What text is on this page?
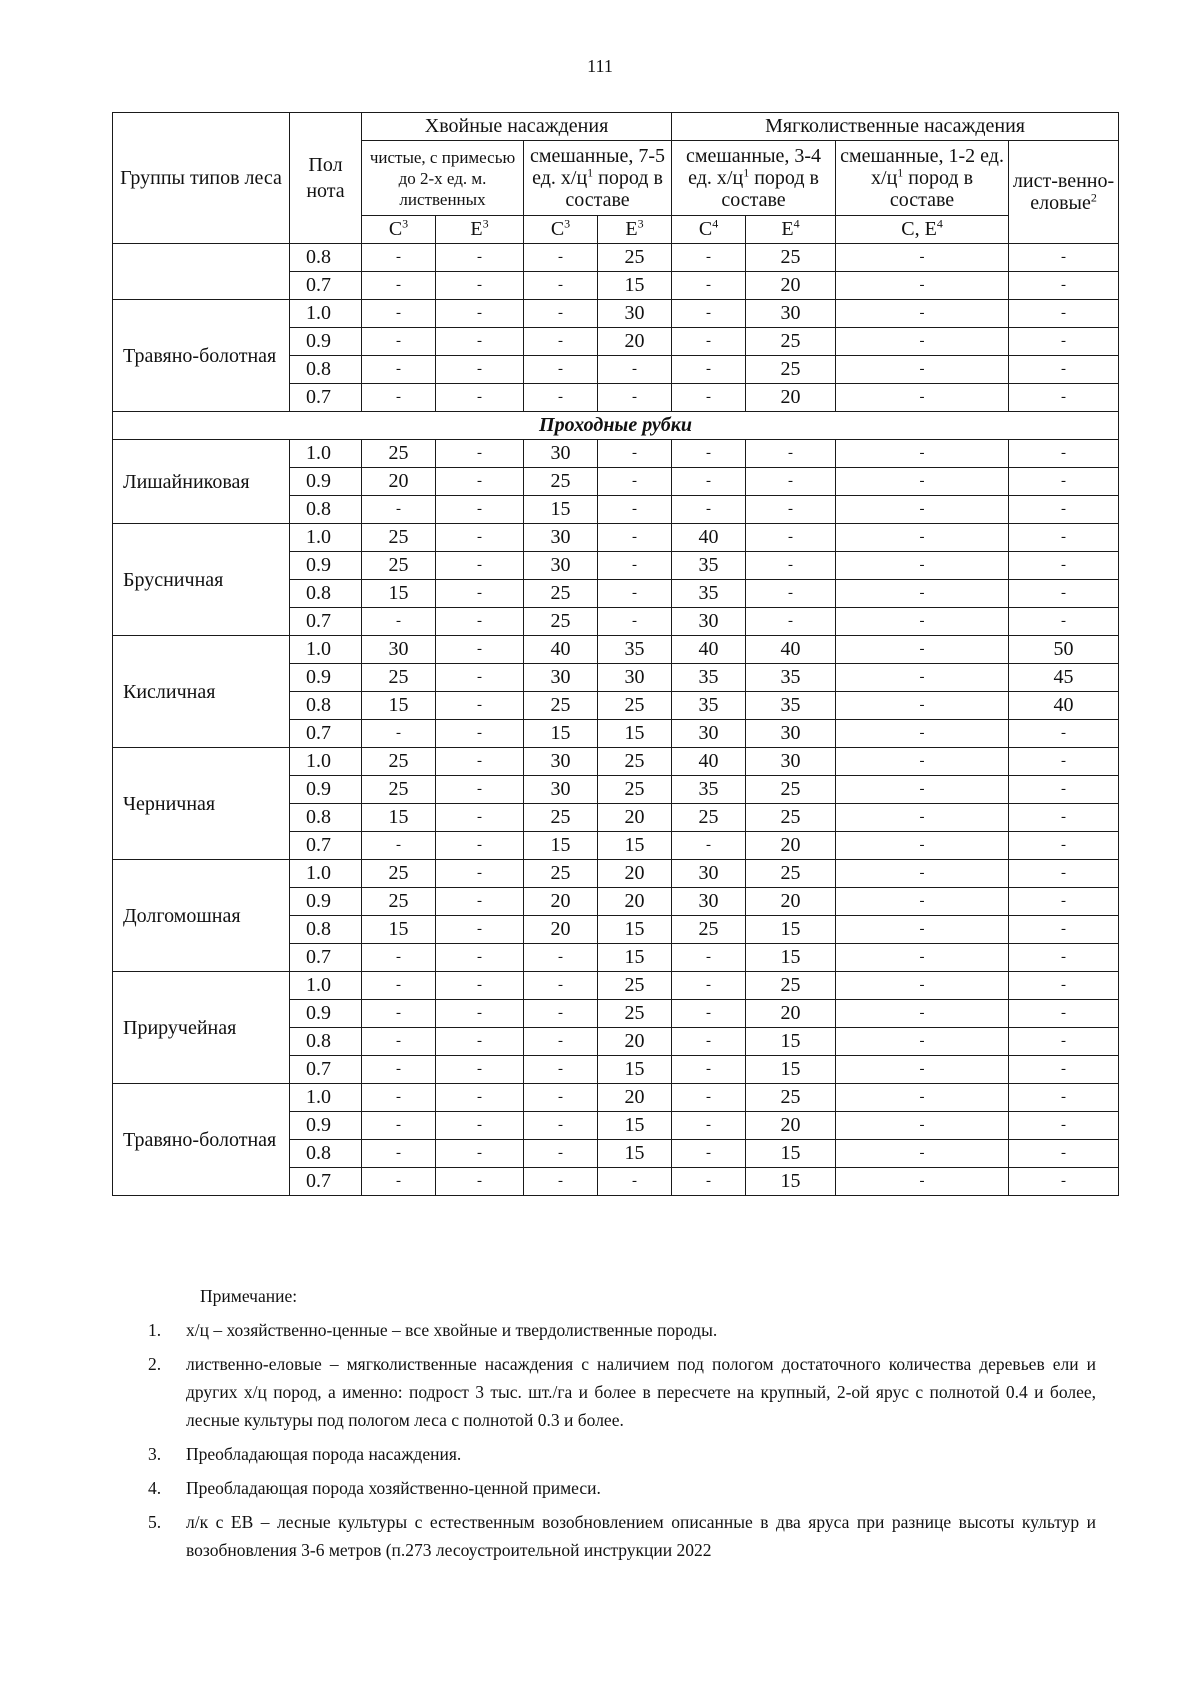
111
Группы типов леса	Пол нота	Хвойные насаждения				Мягколиственные насаждения			
		чистые, с примесью до 2-х ед. м. лиственных		смешанные, 7-5 ед. $х/ц^1$ пород в составе		смешанные, 3-4 ед. $х/ц^1$ пород в составе		смешанные, 1-2 ед. $х/ц^1$ пород в составе	лист-венно-еловые$^2$
		$С^3$	$Е^3$	$С^3$	$Е^3$	$С^4$	$Е^4$	С, $Е^4$
	0.8	-	-	-	25	-	25	-	-
	0.7	-	-	-	15	-	20	-	-
Травяно-болотная	1.0	-	-	-	30	-	30	-	-
	0.9	-	-	-	20	-	25	-	-
	0.8	-	-	-	-	-	25	-	-
	0.7	-	-	-	-	-	20	-	-
Проходные рубки									
Лишайниковая	1.0	25	-	30	-	-	-	-	-
	0.9	20	-	25	-	-	-	-	-
	0.8	-	-	15	-	-	-	-	-
Брусничная	1.0	25	-	30	-	40	-	-	-
	0.9	25	-	30	-	35	-	-	-
	0.8	15	-	25	-	35	-	-	-
	0.7	-	-	25	-	30	-	-	-
Кисличная	1.0	30	-	40	35	40	40	-	50
	0.9	25	-	30	30	35	35	-	45
	0.8	15	-	25	25	35	35	-	40
	0.7	-	-	15	15	30	30	-	-
Черничная	1.0	25	-	30	25	40	30	-	-
	0.9	25	-	30	25	35	25	-	-
	0.8	15	-	25	20	25	25	-	-
	0.7	-	-	15	15	-	20	-	-
Долгомошная	1.0	25	-	25	20	30	25	-	-
	0.9	25	-	20	20	30	20	-	-
	0.8	15	-	20	15	25	15	-	-
	0.7	-	-	-	15	-	15	-	-
Приручейная	1.0	-	-	-	25	-	25	-	-
	0.9	-	-	-	25	-	20	-	-
	0.8	-	-	-	20	-	15	-	-
	0.7	-	-	-	15	-	15	-	-
Травяно-болотная	1.0	-	-	-	20	-	25	-	-
	0.9	-	-	-	15	-	20	-	-
	0.8	-	-	-	15	-	15	-	-
	0.7	-	-	-	-	-	15	-	-
Примечание:
1.	х/ц – хозяйственно-ценные – все хвойные и твердолиственные породы.
2.	лиственно-еловые – мягколиственные насаждения с наличием под пологом достаточного количества деревьев ели и других х/ц пород, а именно: подрост 3 тыс. шт./га и более в пересчете на крупный, 2-ой ярус с полнотой 0.4 и более, лесные культуры под пологом леса с полнотой 0.3 и более.
3.	Преобладающая порода насаждения.
4.	Преобладающая порода хозяйственно-ценной примеси.
5.	л/к с ЕВ – лесные культуры с естественным возобновлением описанные в два яруса при разнице высоты культур и возобновления 3-6 метров (п.273 лесоустроительной инструкции 2022
